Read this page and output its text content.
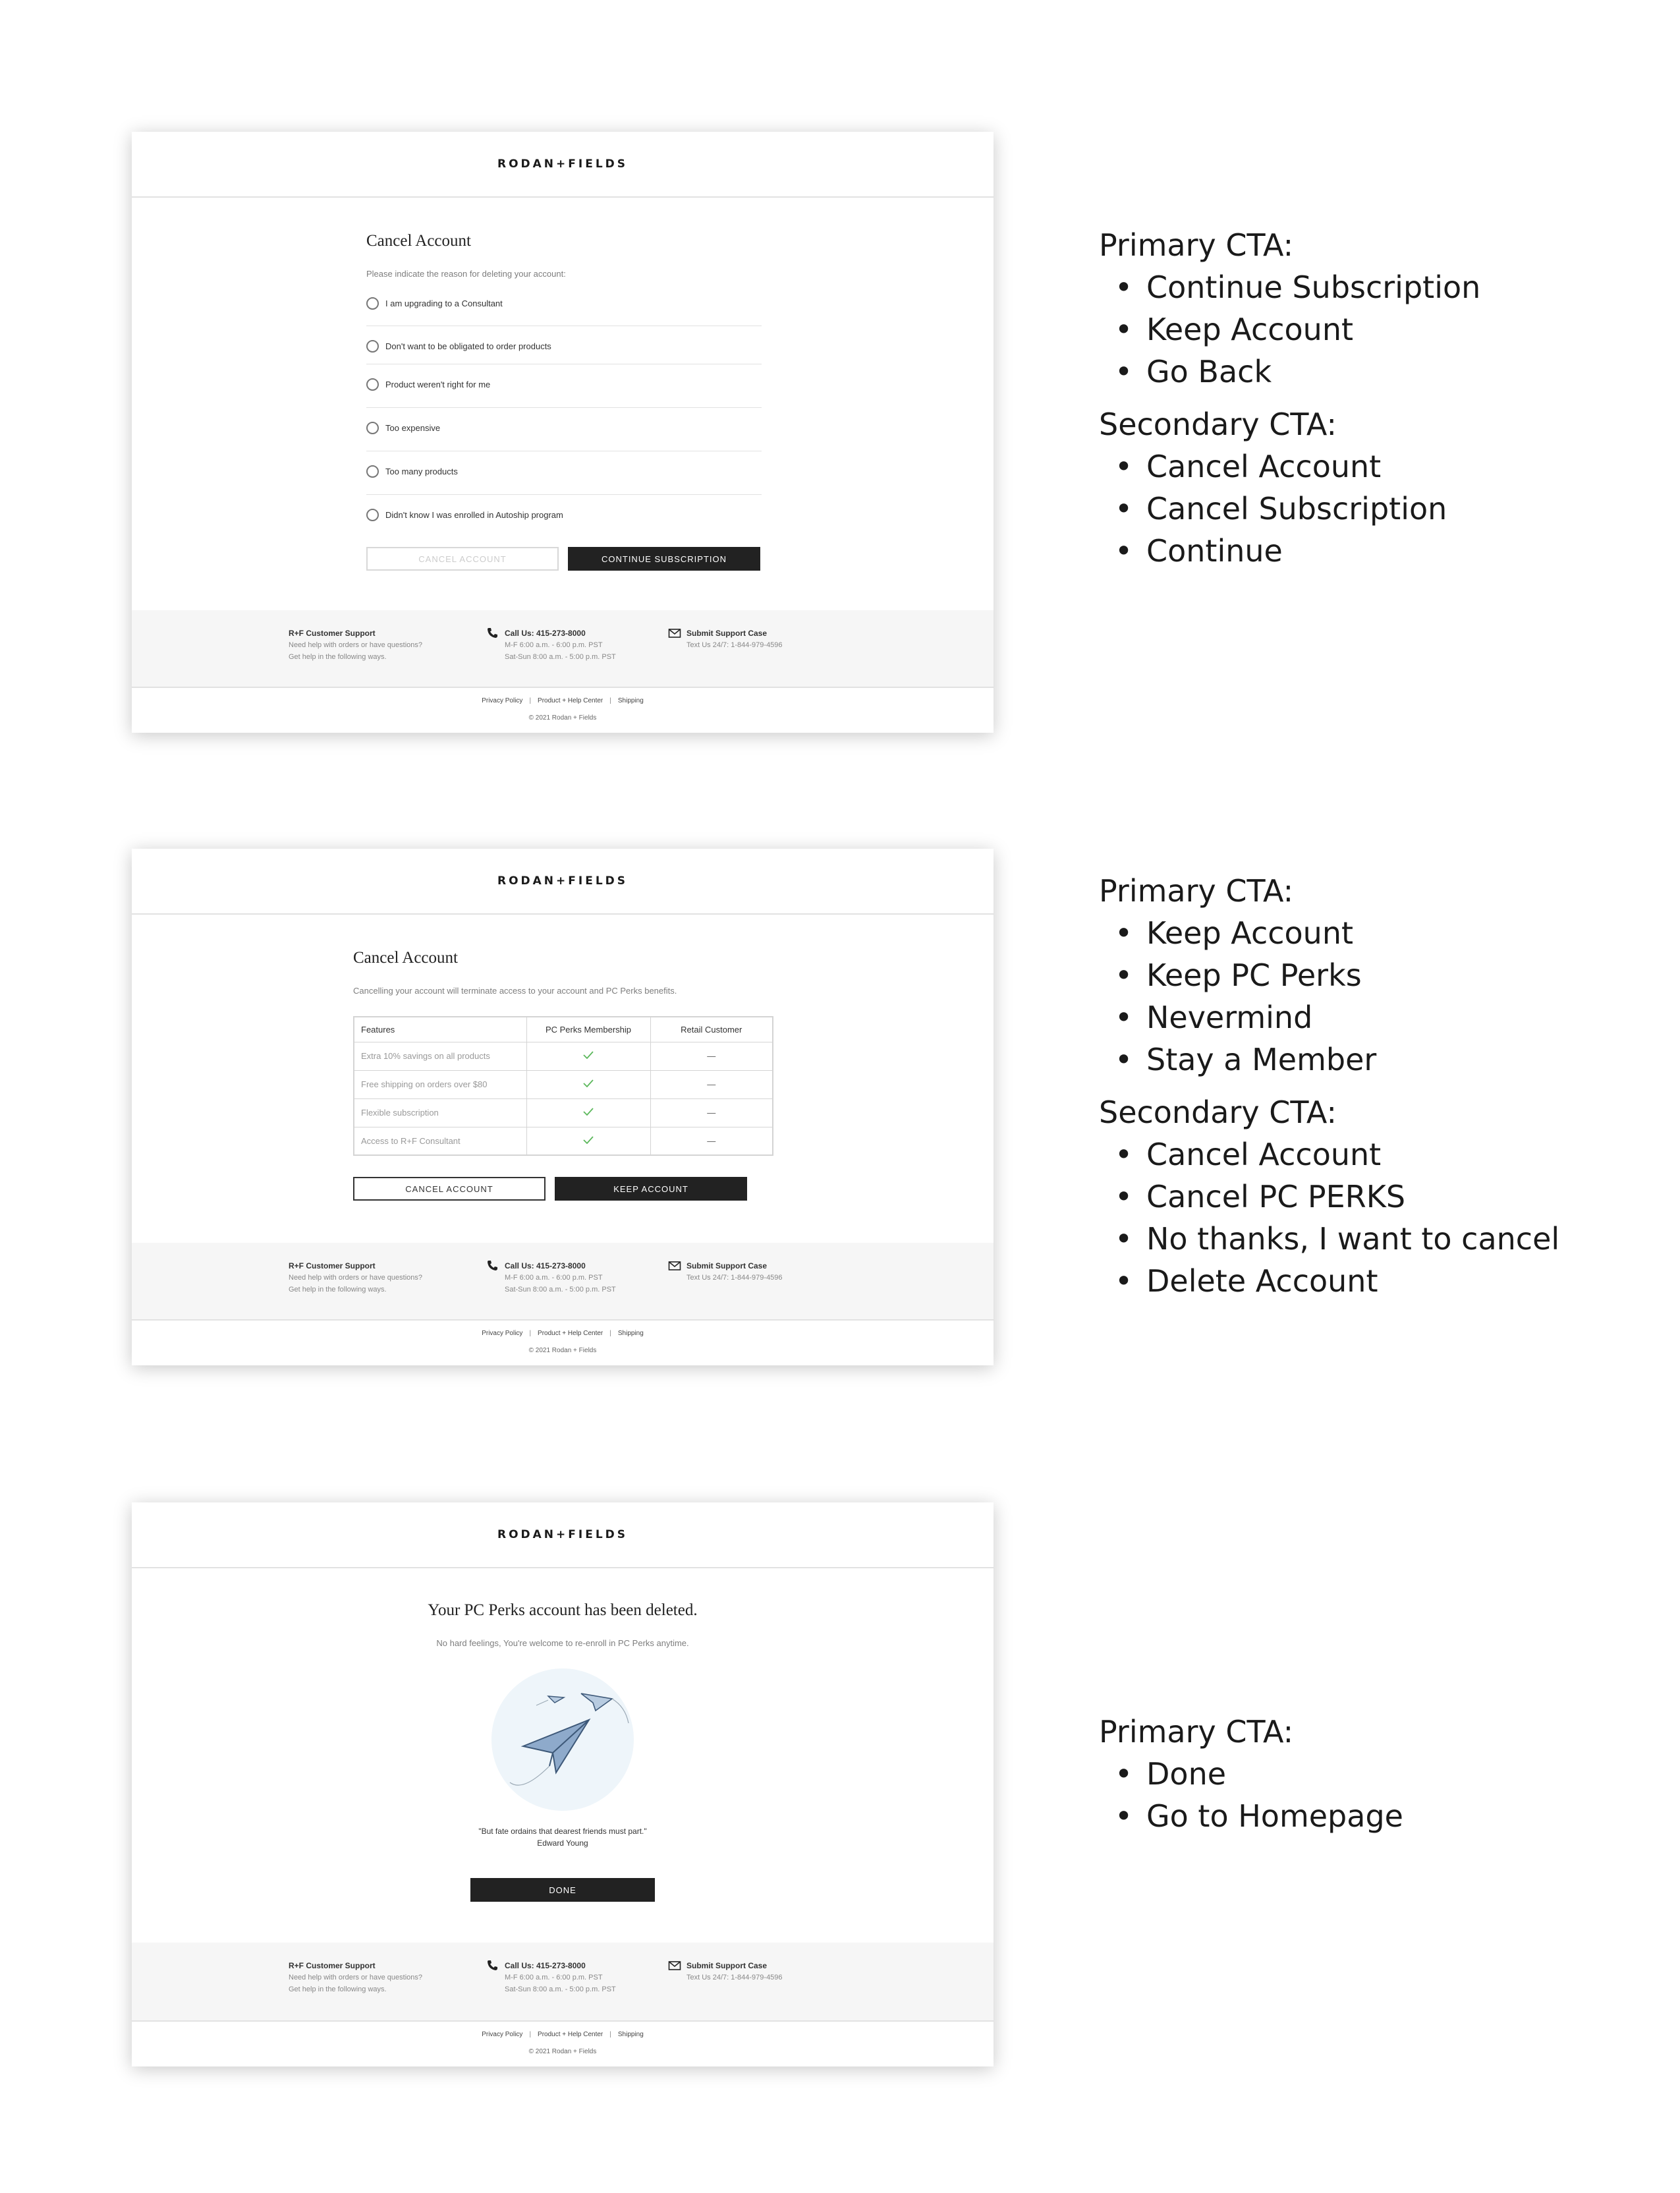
RODAN+FIELDS
Cancel Account
Please indicate the reason for deleting your account:
I am upgrading to a Consultant
Don't want to be obligated to order products
Product weren't right for me
Too expensive
Too many products
Didn't know I was enrolled in Autoship program
CANCEL ACCOUNT	CONTINUE SUBSCRIPTION
R+F Customer Support
Need help with orders or have questions?
Get help in the following ways.
Call Us: 415-273-8000
M-F 6:00 a.m. - 6:00 p.m. PST
Sat-Sun 8:00 a.m. - 5:00 p.m. PST
Submit Support Case
Text Us 24/7: 1-844-979-4596
Privacy Policy | Product + Help Center | Shipping
© 2021 Rodan + Fields
RODAN+FIELDS
Cancel Account
Cancelling your account will terminate access to your account and PC Perks benefits.
Features	PC Perks Membership	Retail Customer
Extra 10% savings on all products		—
Free shipping on orders over $80		—
Flexible subscription		—
Access to R+F Consultant		—
CANCEL ACCOUNT	KEEP ACCOUNT
R+F Customer Support
Need help with orders or have questions?
Get help in the following ways.
Call Us: 415-273-8000
M-F 6:00 a.m. - 6:00 p.m. PST
Sat-Sun 8:00 a.m. - 5:00 p.m. PST
Submit Support Case
Text Us 24/7: 1-844-979-4596
Privacy Policy | Product + Help Center | Shipping
© 2021 Rodan + Fields
RODAN+FIELDS
Your PC Perks account has been deleted.
No hard feelings, You're welcome to re-enroll in PC Perks anytime.
"But fate ordains that dearest friends must part."
Edward Young
DONE
R+F Customer Support
Need help with orders or have questions?
Get help in the following ways.
Call Us: 415-273-8000
M-F 6:00 a.m. - 6:00 p.m. PST
Sat-Sun 8:00 a.m. - 5:00 p.m. PST
Submit Support Case
Text Us 24/7: 1-844-979-4596
Privacy Policy | Product + Help Center | Shipping
© 2021 Rodan + Fields
Primary CTA:
• Continue Subscription
• Keep Account
• Go Back
Secondary CTA:
• Cancel Account
• Cancel Subscription
• Continue
Primary CTA:
• Keep Account
• Keep PC Perks
• Nevermind
• Stay a Member
Secondary CTA:
• Cancel Account
• Cancel PC PERKS
• No thanks, I want to cancel
• Delete Account
Primary CTA:
• Done
• Go to Homepage
